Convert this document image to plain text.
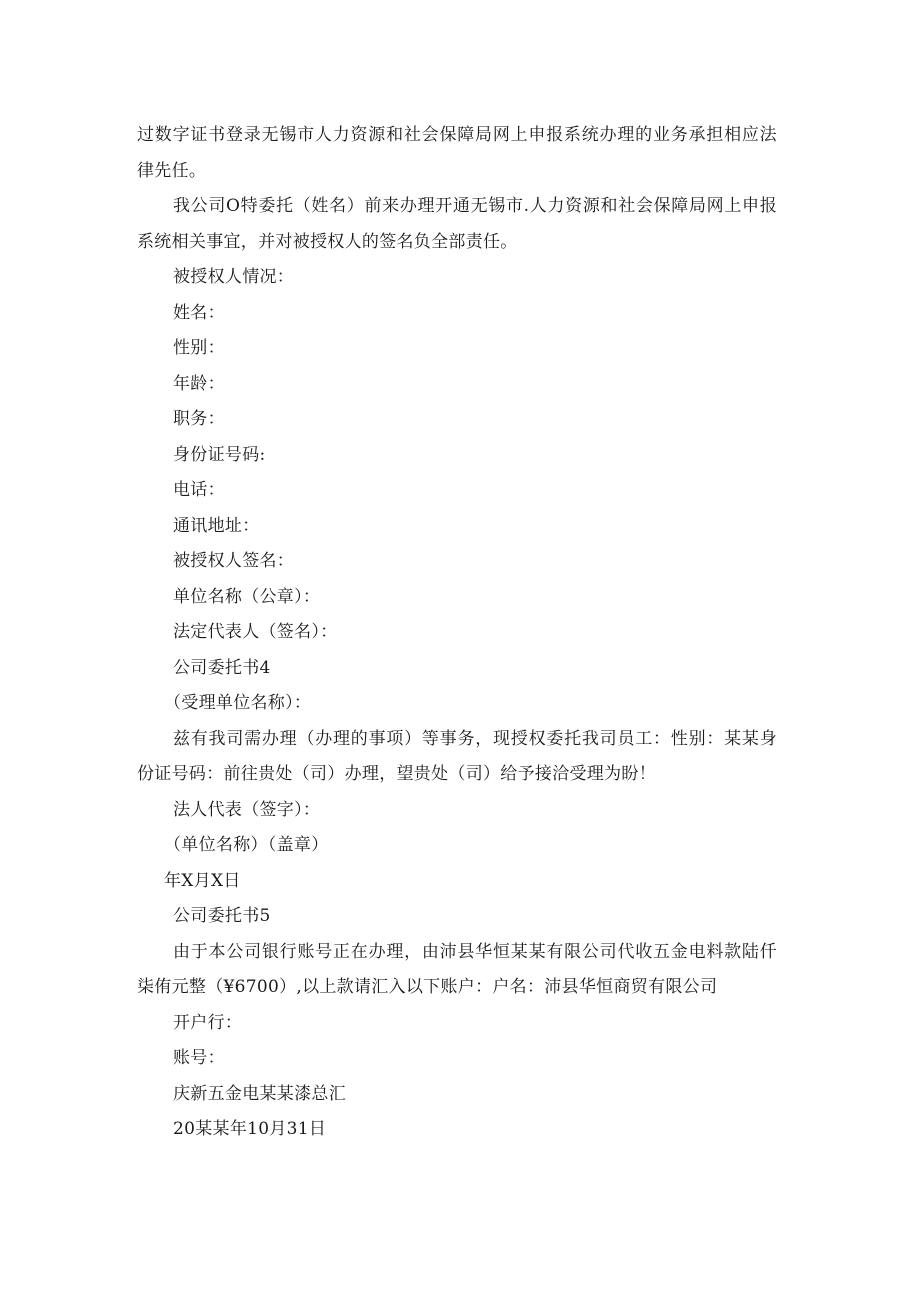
过数字证书登录无锡市人力资源和社会保障局网上申报系统办理的业务承担相应法律先任。

我公司O特委托（姓名）前来办理开通无锡市.人力资源和社会保障局网上申报系统相关事宜，并对被授权人的签名负全部责任。

被授权人情况：

姓名：

性别：

年龄：

职务：

身份证号码:

电话：

通讯地址：

被授权人签名：

单位名称（公章）：

法定代表人（签名）：

公司委托书4

（受理单位名称）：

兹有我司需办理（办理的事项）等事务，现授权委托我司员工：性别：某某身份证号码：前往贵处（司）办理，望贵处（司）给予接洽受理为盼！

法人代表（签字）：

（单位名称）（盖章）

年X月X日

公司委托书5

由于本公司银行账号正在办理，由沛县华恒某某有限公司代收五金电料款陆仟柒侑元整（¥6700）,以上款请汇入以下账户：户名：沛县华恒商贸有限公司

开户行：

账号：

庆新五金电某某漆总汇

20某某年10月31日
